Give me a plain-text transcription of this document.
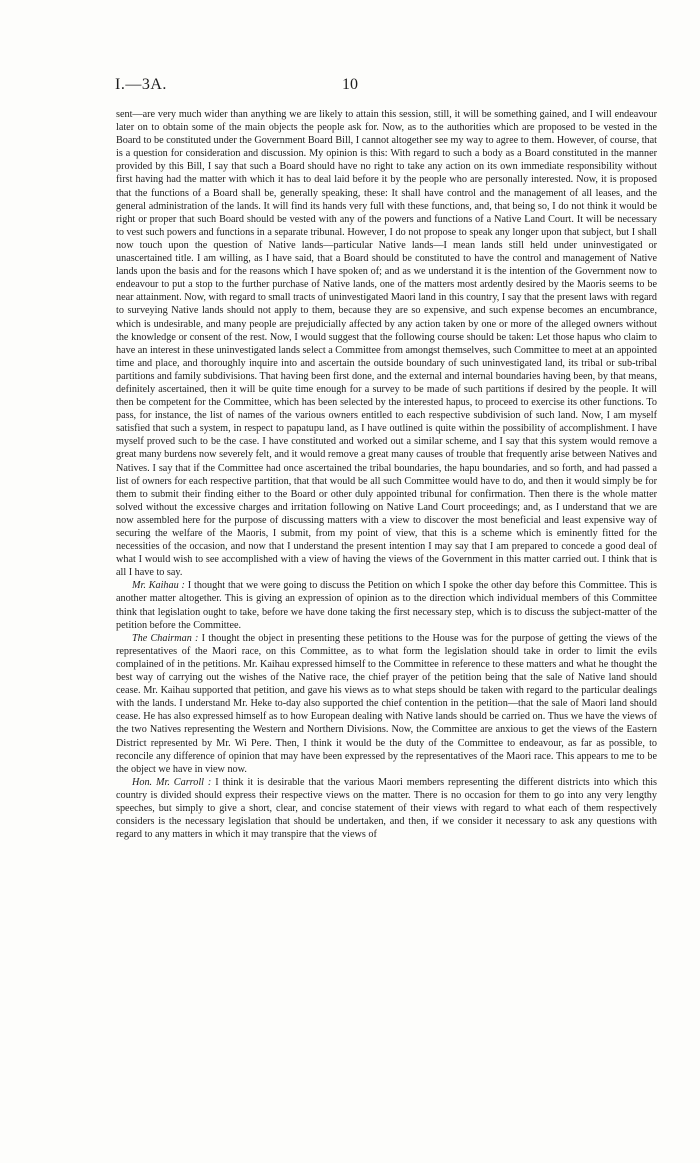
I.—3A.	10

sent—are very much wider than anything we are likely to attain this session, still, it will be something gained, and I will endeavour later on to obtain some of the main objects the people ask for. Now, as to the authorities which are proposed to be vested in the Board to be constituted under the Government Board Bill, I cannot altogether see my way to agree to them. However, of course, that is a question for consideration and discussion. My opinion is this: With regard to such a body as a Board constituted in the manner provided by this Bill, I say that such a Board should have no right to take any action on its own immediate responsibility without first having had the matter with which it has to deal laid before it by the people who are personally interested. Now, it is proposed that the functions of a Board shall be, generally speaking, these: It shall have control and the management of all leases, and the general administration of the lands. It will find its hands very full with these functions, and, that being so, I do not think it would be right or proper that such Board should be vested with any of the powers and functions of a Native Land Court. It will be necessary to vest such powers and functions in a separate tribunal. However, I do not propose to speak any longer upon that subject, but I shall now touch upon the question of Native lands—particular Native lands—I mean lands still held under uninvestigated or unascertained title. I am willing, as I have said, that a Board should be constituted to have the control and management of Native lands upon the basis and for the reasons which I have spoken of; and as we understand it is the intention of the Government now to endeavour to put a stop to the further purchase of Native lands, one of the matters most ardently desired by the Maoris seems to be near attainment. Now, with regard to small tracts of uninvestigated Maori land in this country, I say that the present laws with regard to surveying Native lands should not apply to them, because they are so expensive, and such expense becomes an encumbrance, which is undesirable, and many people are prejudicially affected by any action taken by one or more of the alleged owners without the knowledge or consent of the rest. Now, I would suggest that the following course should be taken: Let those hapus who claim to have an interest in these uninvestigated lands select a Committee from amongst themselves, such Committee to meet at an appointed time and place, and thoroughly inquire into and ascertain the outside boundary of such uninvestigated land, its tribal or sub-tribal partitions and family subdivisions. That having been first done, and the external and internal boundaries having been, by that means, definitely ascertained, then it will be quite time enough for a survey to be made of such partitions if desired by the people. It will then be competent for the Committee, which has been selected by the interested hapus, to proceed to exercise its other functions. To pass, for instance, the list of names of the various owners entitled to each respective subdivision of such land. Now, I am myself satisfied that such a system, in respect to papatupu land, as I have outlined is quite within the possibility of accomplishment. I have myself proved such to be the case. I have constituted and worked out a similar scheme, and I say that this system would remove a great many burdens now severely felt, and it would remove a great many causes of trouble that frequently arise between Natives and Natives. I say that if the Committee had once ascertained the tribal boundaries, the hapu boundaries, and so forth, and had passed a list of owners for each respective partition, that that would be all such Committee would have to do, and then it would simply be for them to submit their finding either to the Board or other duly appointed tribunal for confirmation. Then there is the whole matter solved without the excessive charges and irritation following on Native Land Court proceedings; and, as I understand that we are now assembled here for the purpose of discussing matters with a view to discover the most beneficial and least expensive way of securing the welfare of the Maoris, I submit, from my point of view, that this is a scheme which is eminently fitted for the necessities of the occasion, and now that I understand the present intention I may say that I am prepared to concede a good deal of what I would wish to see accomplished with a view of having the views of the Government in this matter carried out. I think that is all I have to say.

Mr. Kaihau : I thought that we were going to discuss the Petition on which I spoke the other day before this Committee. This is another matter altogether. This is giving an expression of opinion as to the direction which individual members of this Committee think that legislation ought to take, before we have done taking the first necessary step, which is to discuss the subject-matter of the petition before the Committee.

The Chairman : I thought the object in presenting these petitions to the House was for the purpose of getting the views of the representatives of the Maori race, on this Committee, as to what form the legislation should take in order to limit the evils complained of in the petitions. Mr. Kaihau expressed himself to the Committee in reference to these matters and what he thought the best way of carrying out the wishes of the Native race, the chief prayer of the petition being that the sale of Native land should cease. Mr. Kaihau supported that petition, and gave his views as to what steps should be taken with regard to the particular dealings with the lands. I understand Mr. Heke to-day also supported the chief contention in the petition—that the sale of Maori land should cease. He has also expressed himself as to how European dealing with Native lands should be carried on. Thus we have the views of the two Natives representing the Western and Northern Divisions. Now, the Committee are anxious to get the views of the Eastern District represented by Mr. Wi Pere. Then, I think it would be the duty of the Committee to endeavour, as far as possible, to reconcile any difference of opinion that may have been expressed by the representatives of the Maori race. This appears to me to be the object we have in view now.

Hon. Mr. Carroll : I think it is desirable that the various Maori members representing the different districts into which this country is divided should express their respective views on the matter. There is no occasion for them to go into any very lengthy speeches, but simply to give a short, clear, and concise statement of their views with regard to what each of them respectively considers is the necessary legislation that should be undertaken, and then, if we consider it necessary to ask any questions with regard to any matters in which it may transpire that the views of
